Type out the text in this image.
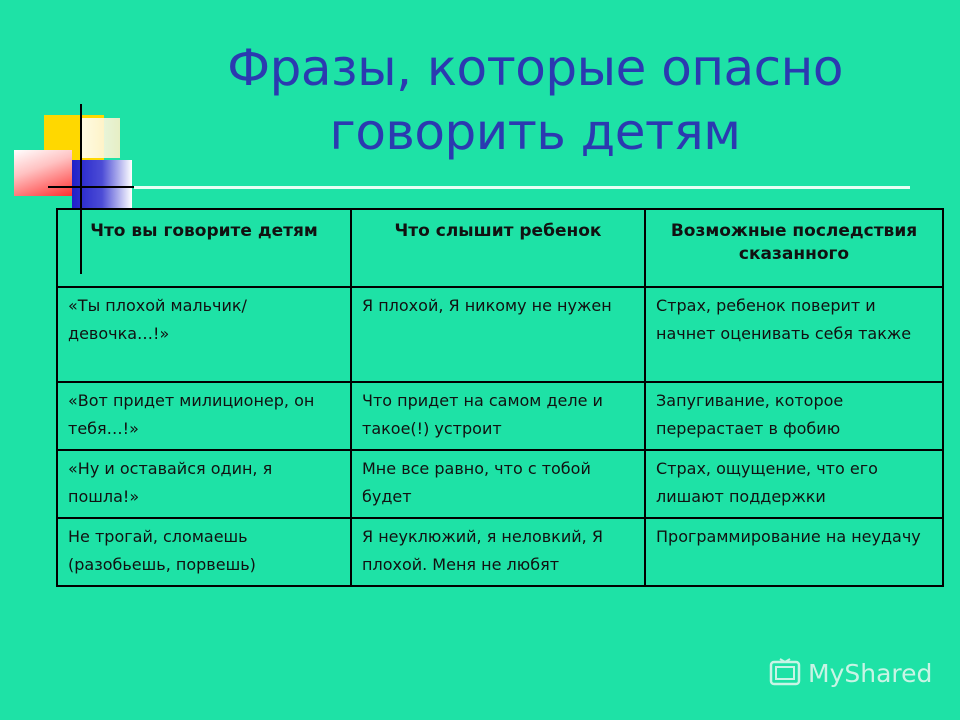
Фразы, которые опасно
говорить детям
Что вы говорите детям	Что слышит ребенок	Возможные последствия сказанного
«Ты плохой мальчик/девочка…!»	Я плохой, Я никому не нужен	Страх, ребенок поверит и начнет оценивать себя также
«Вот придет милиционер, он тебя…!»	Что придет на самом деле и такое(!) устроит	Запугивание, которое перерастает в фобию
«Ну и оставайся один, я пошла!»	Мне все равно, что с тобой будет	Страх, ощущение, что его лишают поддержки
Не трогай, сломаешь (разобьешь, порвешь)	Я неуклюжий, я неловкий, Я плохой. Меня не любят	Программирование на неудачу
MyShared
